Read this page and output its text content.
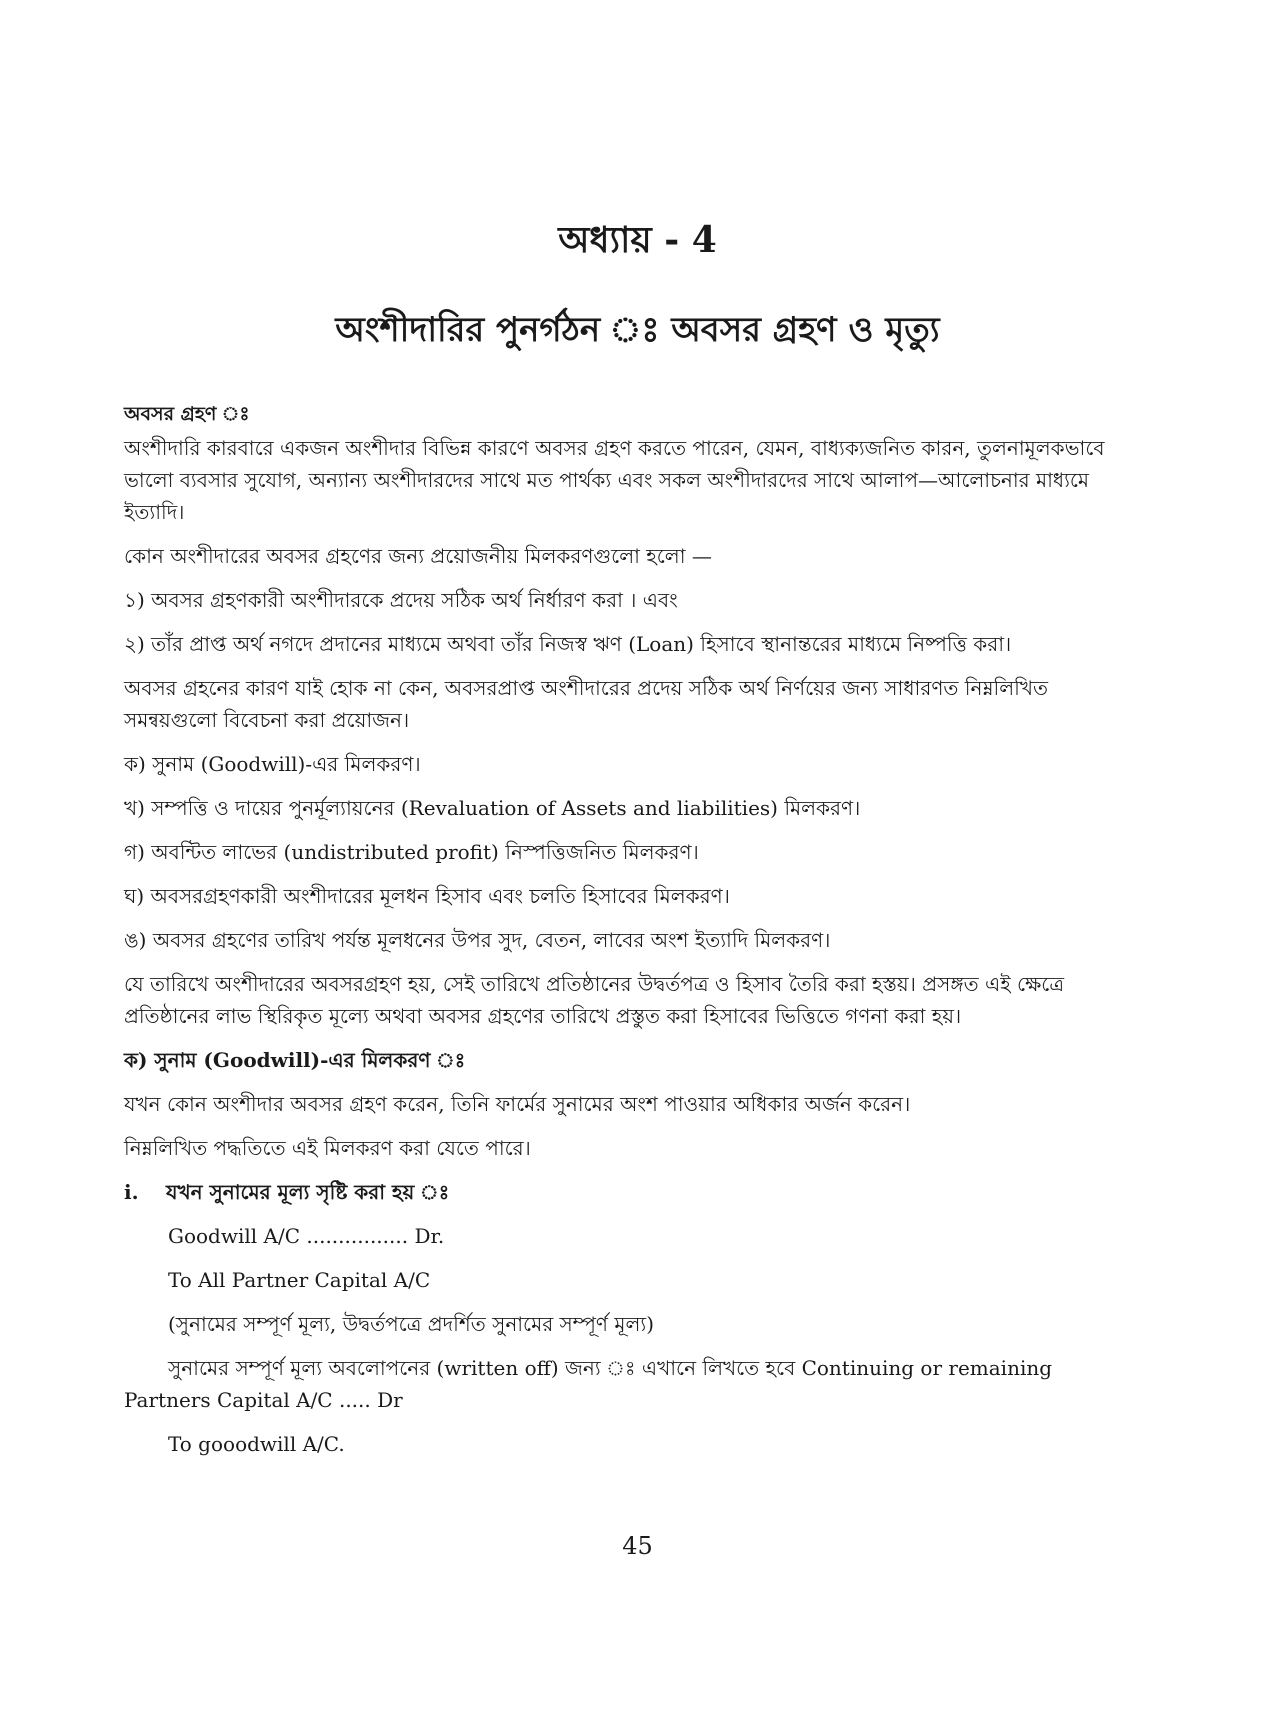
অধ্যায় - 4
অংশীদারির পুনর্গঠন ঃ অবসর গ্রহণ ও মৃত্যু

অবসর গ্রহণ ঃ

অংশীদারি কারবারে একজন অংশীদার বিভিন্ন কারণে অবসর গ্রহণ করতে পারেন, যেমন, বাধ্যক্যজনিত কারন, তুলনামূলকভাবে ভালো ব্যবসার সুযোগ, অন্যান্য অংশীদারদের সাথে মত পার্থক্য এবং সকল অংশীদারদের সাথে আলাপ—আলোচনার মাধ্যমে ইত্যাদি।

কোন অংশীদারের অবসর গ্রহণের জন্য প্রয়োজনীয় মিলকরণগুলো হলো —

১) অবসর গ্রহণকারী অংশীদারকে প্রদেয় সঠিক অর্থ নির্ধারণ করা । এবং

২) তাঁর প্রাপ্ত অর্থ নগদে প্রদানের মাধ্যমে অথবা তাঁর নিজস্ব ঋণ (Loan) হিসাবে স্থানান্তরের মাধ্যমে নিষ্পত্তি করা।

অবসর গ্রহনের কারণ যাই হোক না কেন, অবসরপ্রাপ্ত অংশীদারের প্রদেয় সঠিক অর্থ নির্ণয়ের জন্য সাধারণত নিম্নলিখিত সমন্বয়গুলো বিবেচনা করা প্রয়োজন।

ক) সুনাম (Goodwill)-এর মিলকরণ।

খ) সম্পত্তি ও দায়ের পুনর্মূল্যায়নের (Revaluation of Assets and liabilities) মিলকরণ।

গ) অবন্টিত লাভের (undistributed profit) নিস্পত্তিজনিত মিলকরণ।

ঘ) অবসরগ্রহণকারী অংশীদারের মূলধন হিসাব এবং চলতি হিসাবের মিলকরণ।

ঙ) অবসর গ্রহণের তারিখ পর্যন্ত মূলধনের উপর সুদ, বেতন, লাবের অংশ ইত্যাদি মিলকরণ।

যে তারিখে অংশীদারের অবসরগ্রহণ হয়, সেই তারিখে প্রতিষ্ঠানের উদ্বর্তপত্র ও হিসাব তৈরি করা হস্তয়। প্রসঙ্গত এই ক্ষেত্রে প্রতিষ্ঠানের লাভ স্থিরিকৃত মূল্যে অথবা অবসর গ্রহণের তারিখে প্রস্তুত করা হিসাবের ভিত্তিতে গণনা করা হয়।

ক) সুনাম (Goodwill)-এর মিলকরণ ঃ

যখন কোন অংশীদার অবসর গ্রহণ করেন, তিনি ফার্মের সুনামের অংশ পাওয়ার অধিকার অর্জন করেন।

নিম্নলিখিত পদ্ধতিতে এই মিলকরণ করা যেতে পারে।

i. যখন সুনামের মূল্য সৃষ্টি করা হয় ঃ

Goodwill A/C ................ Dr.

To All Partner Capital A/C

(সুনামের সম্পূর্ণ মূল্য, উদ্বর্তপত্রে প্রদর্শিত সুনামের সম্পূর্ণ মূল্য)

সুনামের সম্পূর্ণ মূল্য অবলোপনের (written off) জন্য ঃ এখানে লিখতে হবে Continuing or remaining Partners Capital A/C ..... Dr

To gooodwill A/C.

45
